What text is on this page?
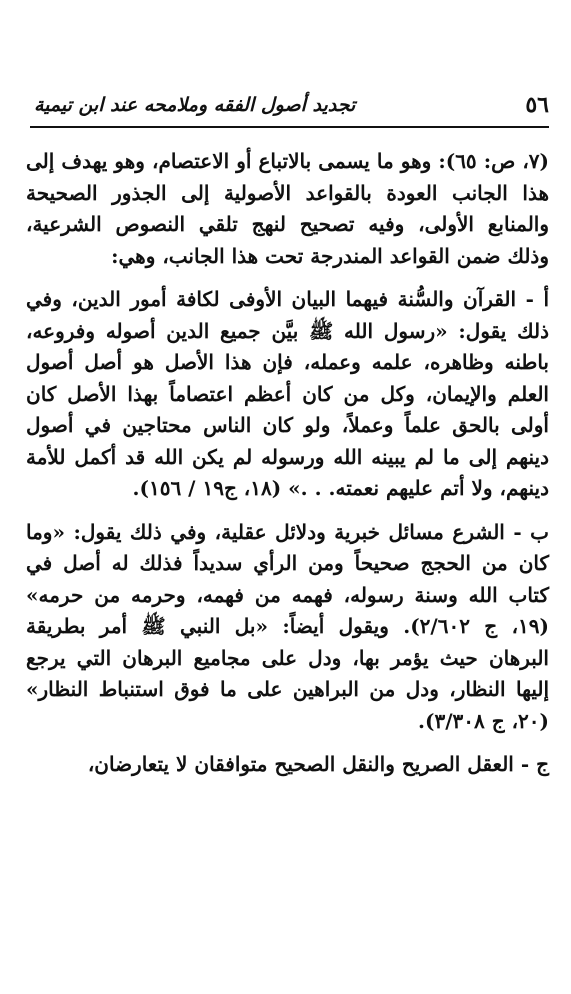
٥٦
تجديد أصول الفقه وملامحه عند ابن تيمية

(٧، ص: ٦٥): وهو ما يسمى بالاتباع أو الاعتصام، وهو يهدف إلى هذا الجانب العودة بالقواعد الأصولية إلى الجذور الصحيحة والمنابع الأولى، وفيه تصحيح لنهج تلقي النصوص الشرعية، وذلك ضمن القواعد المندرجة تحت هذا الجانب، وهي:

أ - القرآن والسُّنة فيهما البيان الأوفى لكافة أمور الدين، وفي ذلك يقول: «رسول الله ﷺ بيَّن جميع الدين أصوله وفروعه، باطنه وظاهره، علمه وعمله، فإن هذا الأصل هو أصل أصول العلم والإيمان، وكل من كان أعظم اعتصاماً بهذا الأصل كان أولى بالحق علماً وعملاً، ولو كان الناس محتاجين في أصول دينهم إلى ما لم يبينه الله ورسوله لم يكن الله قد أكمل للأمة دينهم، ولا أتم عليهم نعمته. . .» (١٨، ج١٩ / ١٥٦).

ب - الشرع مسائل خبرية ودلائل عقلية، وفي ذلك يقول: «وما كان من الحجج صحيحاً ومن الرأي سديداً فذلك له أصل في كتاب الله وسنة رسوله، فهمه من فهمه، وحرمه من حرمه» (١٩، ج ٢/٦٠٢). ويقول أيضاً: «بل النبي ﷺ أمر بطريقة البرهان حيث يؤمر بها، ودل على مجاميع البرهان التي يرجع إليها النظار، ودل من البراهين على ما فوق استنباط النظار» (٢٠، ج ٣/٣٠٨).

ج - العقل الصريح والنقل الصحيح متوافقان لا يتعارضان،
